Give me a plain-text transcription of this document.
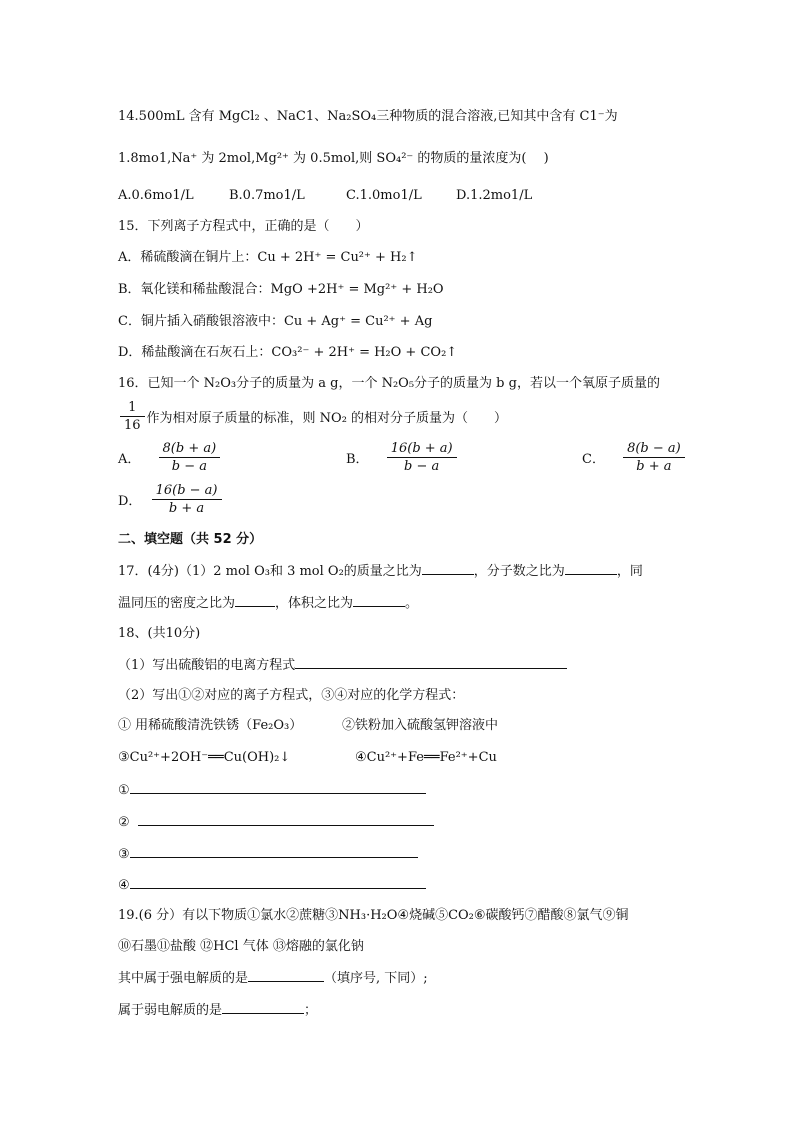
14.500mL 含有 MgCl₂ 、NaC1、Na₂SO₄三种物质的混合溶液,已知其中含有 C1⁻为
1.8mo1,Na⁺ 为 2mol,Mg²⁺ 为 0.5mol,则 SO₄²⁻ 的物质的量浓度为(　 )
A.0.6mo1/L	B.0.7mo1/L	C.1.0mo1/L	D.1.2mo1/L
15．下列离子方程式中，正确的是（　　）
A．稀硫酸滴在铜片上：Cu + 2H⁺ = Cu²⁺ + H₂↑
B．氧化镁和稀盐酸混合：MgO +2H⁺ = Mg²⁺ + H₂O
C．铜片插入硝酸银溶液中：Cu + Ag⁺ = Cu²⁺ + Ag
D．稀盐酸滴在石灰石上：CO₃²⁻ + 2H⁺ = H₂O + CO₂↑
16．已知一个 N₂O₃分子的质量为 a g，一个 N₂O₅分子的质量为 b g，若以一个氧原子质量的
$\frac{1}{16}$ 作为相对原子质量的标准，则 NO₂ 的相对分子质量为（　　）
A． $\frac{8(b + a)}{b - a}$	B． $\frac{16(b + a)}{b - a}$	C． $\frac{8(b - a)}{b + a}$
D． $\frac{16(b - a)}{b + a}$
二、填空题（共 52 分）
17．(4分)（1）2 mol O₃和 3 mol O₂的质量之比为	，分子数之比为	，同
温同压的密度之比为	，体积之比为	。
18、(共10分)
（1）写出硫酸铝的电离方程式
（2）写出①②对应的离子方程式，③④对应的化学方程式：
① 用稀硫酸清洗铁锈（Fe₂O₃）	②铁粉加入硫酸氢钾溶液中
③Cu²⁺+2OH⁻══Cu(OH)₂↓	④Cu²⁺+Fe══Fe²⁺+Cu
①
②
③
④
19.(6 分）有以下物质①氯水②蔗糖③NH₃·H₂O④烧碱⑤CO₂⑥碳酸钙⑦醋酸⑧氯气⑨铜
⑩石墨⑪盐酸 ⑫HCl 气体 ⑬熔融的氯化钠
其中属于强电解质的是	（填序号, 下同）;
属于弱电解质的是	；
